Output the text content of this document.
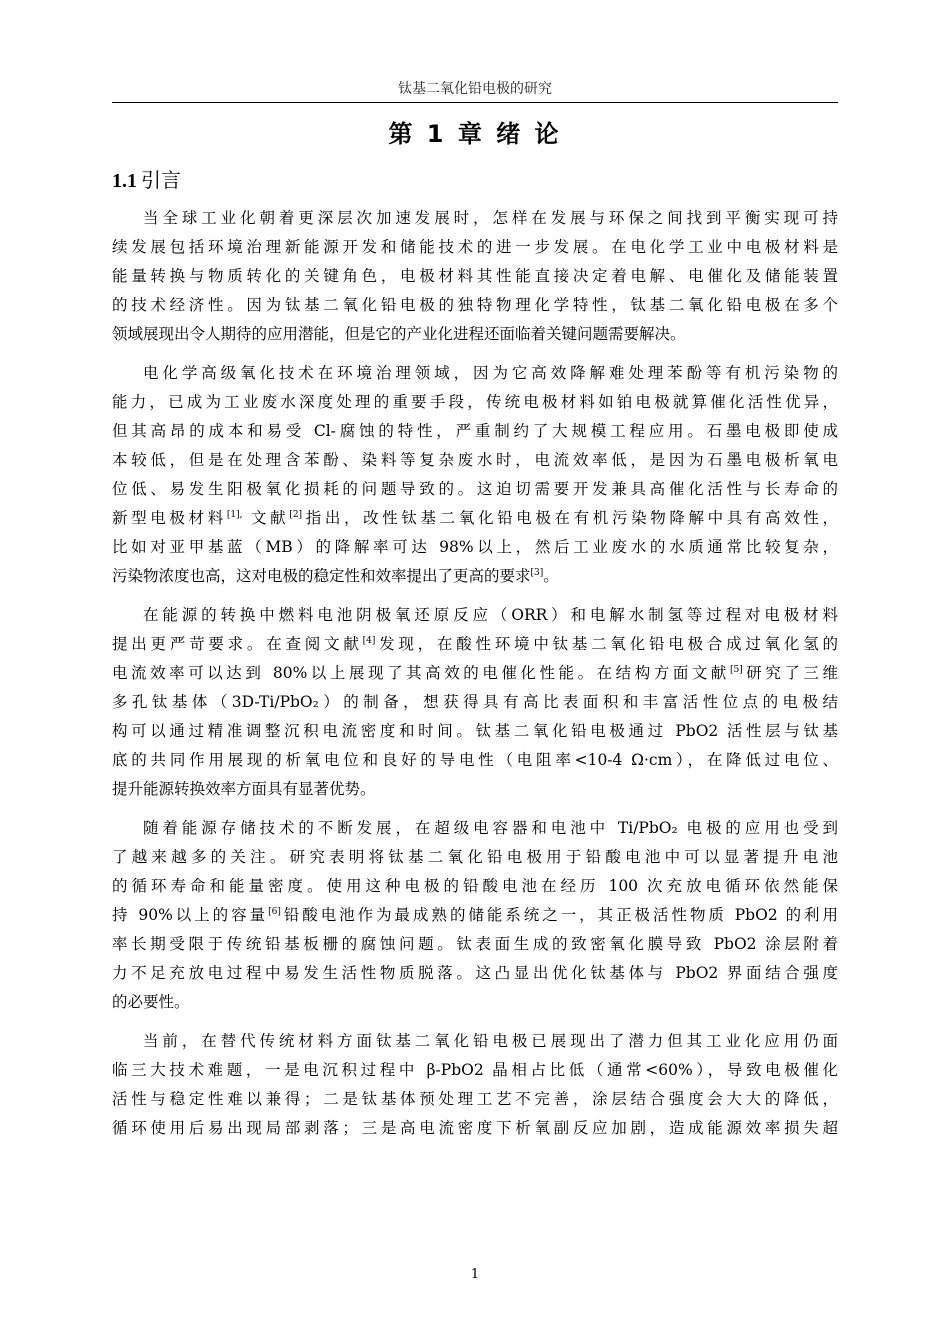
钛基二氧化铅电极的研究
第 1 章 绪 论
1.1 引言

当全球工业化朝着更深层次加速发展时，怎样在发展与环保之间找到平衡实现可持
续发展包括环境治理新能源开发和储能技术的进一步发展。在电化学工业中电极材料是
能量转换与物质转化的关键角色，电极材料其性能直接决定着电解、电催化及储能装置
的技术经济性。因为钛基二氧化铅电极的独特物理化学特性，钛基二氧化铅电极在多个
领域展现出令人期待的应用潜能，但是它的产业化进程还面临着关键问题需要解决。

电化学高级氧化技术在环境治理领域，因为它高效降解难处理苯酚等有机污染物的
能力，已成为工业废水深度处理的重要手段，传统电极材料如铂电极就算催化活性优异，
但其高昂的成本和易受 Cl-腐蚀的特性，严重制约了大规模工程应用。石墨电极即使成
本较低，但是在处理含苯酚、染料等复杂废水时，电流效率低，是因为石墨电极析氧电
位低、易发生阳极氧化损耗的问题导致的。这迫切需要开发兼具高催化活性与长寿命的
新型电极材料$^{[1],}$ 文献[2]指出，改性钛基二氧化铅电极在有机污染物降解中具有高效性，
比如对亚甲基蓝（MB）的降解率可达 98%以上，然后工业废水的水质通常比较复杂，
污染物浓度也高，这对电极的稳定性和效率提出了更高的要求[3]。

在能源的转换中燃料电池阴极氧还原反应（ORR）和电解水制氢等过程对电极材料
提出更严苛要求。在查阅文献[4]发现，在酸性环境中钛基二氧化铅电极合成过氧化氢的
电流效率可以达到 80%以上展现了其高效的电催化性能。在结构方面文献[5]研究了三维
多孔钛基体（3D-Ti/PbO₂）的制备，想获得具有高比表面积和丰富活性位点的电极结
构可以通过精准调整沉积电流密度和时间。钛基二氧化铅电极通过 PbO2 活性层与钛基
底的共同作用展现的析氧电位和良好的导电性（电阻率<10-4 Ω·cm），在降低过电位、
提升能源转换效率方面具有显著优势。

随着能源存储技术的不断发展，在超级电容器和电池中 Ti/PbO₂ 电极的应用也受到
了越来越多的关注。研究表明将钛基二氧化铅电极用于铅酸电池中可以显著提升电池
的循环寿命和能量密度。使用这种电极的铅酸电池在经历 100 次充放电循环依然能保
持 90%以上的容量[6]铅酸电池作为最成熟的储能系统之一，其正极活性物质 PbO2 的利用
率长期受限于传统铅基板栅的腐蚀问题。钛表面生成的致密氧化膜导致 PbO2 涂层附着
力不足充放电过程中易发生活性物质脱落。这凸显出优化钛基体与 PbO2 界面结合强度
的必要性。

当前，在替代传统材料方面钛基二氧化铅电极已展现出了潜力但其工业化应用仍面
临三大技术难题，一是电沉积过程中 β-PbO2 晶相占比低（通常<60%），导致电极催化
活性与稳定性难以兼得；二是钛基体预处理工艺不完善，涂层结合强度会大大的降低，
循环使用后易出现局部剥落；三是高电流密度下析氧副反应加剧，造成能源效率损失超

1
